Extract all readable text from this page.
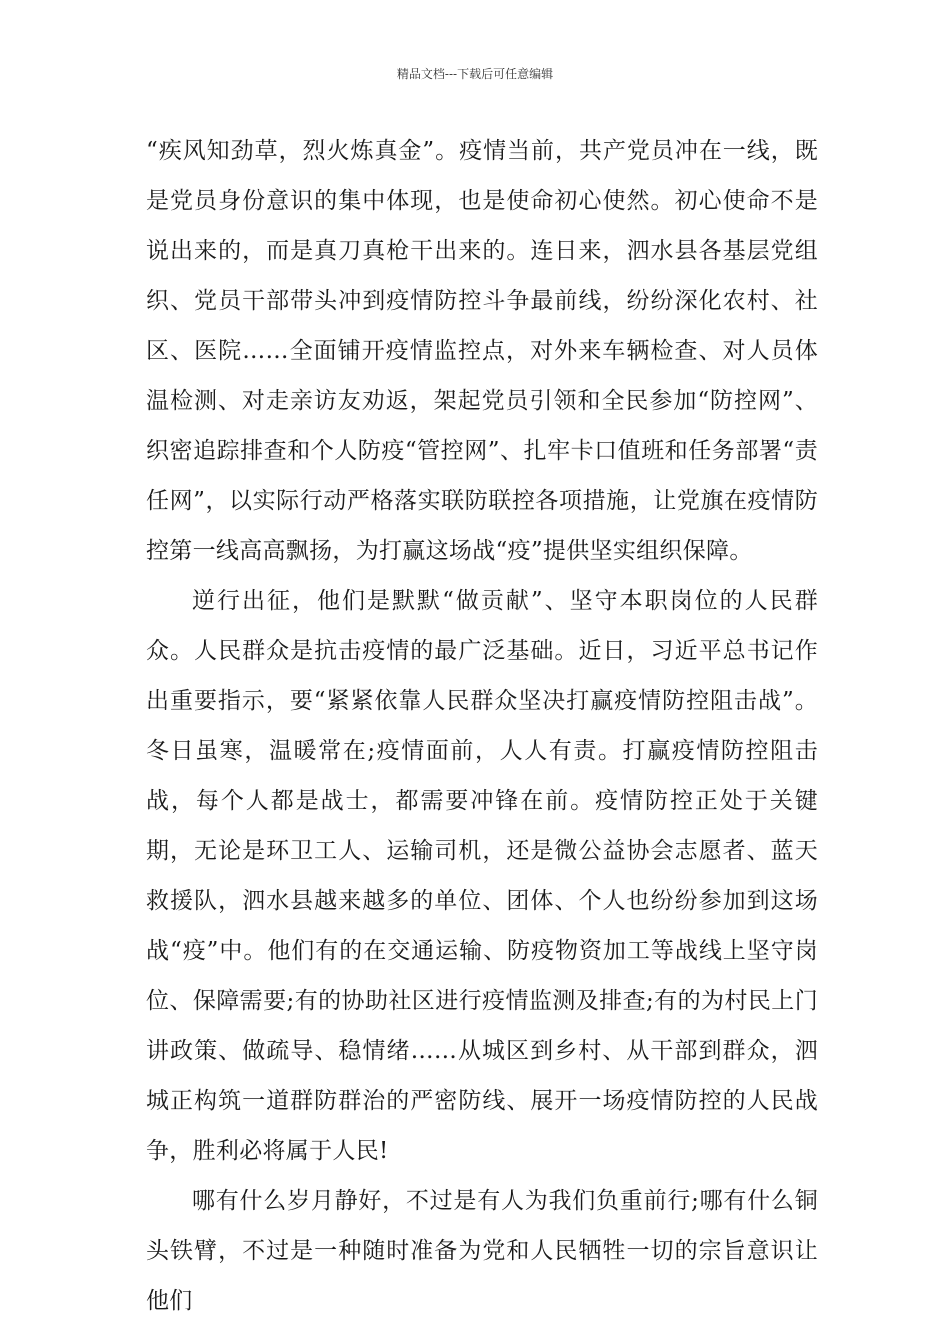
精品文档---下载后可任意编辑

“疾风知劲草，烈火炼真金”。疫情当前，共产党员冲在一线，既是党员身份意识的集中体现，也是使命初心使然。初心使命不是说出来的，而是真刀真枪干出来的。连日来，泗水县各基层党组织、党员干部带头冲到疫情防控斗争最前线，纷纷深化农村、社区、医院……全面铺开疫情监控点，对外来车辆检查、对人员体温检测、对走亲访友劝返，架起党员引领和全民参加“防控网”、织密追踪排查和个人防疫“管控网”、扎牢卡口值班和任务部署“责任网”，以实际行动严格落实联防联控各项措施，让党旗在疫情防控第一线高高飘扬，为打赢这场战“疫”提供坚实组织保障。

逆行出征，他们是默默“做贡献”、坚守本职岗位的人民群众。人民群众是抗击疫情的最广泛基础。近日，习近平总书记作出重要指示，要“紧紧依靠人民群众坚决打赢疫情防控阻击战”。冬日虽寒，温暖常在;疫情面前，人人有责。打赢疫情防控阻击战，每个人都是战士，都需要冲锋在前。疫情防控正处于关键期，无论是环卫工人、运输司机，还是微公益协会志愿者、蓝天救援队，泗水县越来越多的单位、团体、个人也纷纷参加到这场战“疫”中。他们有的在交通运输、防疫物资加工等战线上坚守岗位、保障需要;有的协助社区进行疫情监测及排查;有的为村民上门讲政策、做疏导、稳情绪……从城区到乡村、从干部到群众，泗城正构筑一道群防群治的严密防线、展开一场疫情防控的人民战争，胜利必将属于人民!

哪有什么岁月静好，不过是有人为我们负重前行;哪有什么铜头铁臂，不过是一种随时准备为党和人民牺牲一切的宗旨意识让他们
